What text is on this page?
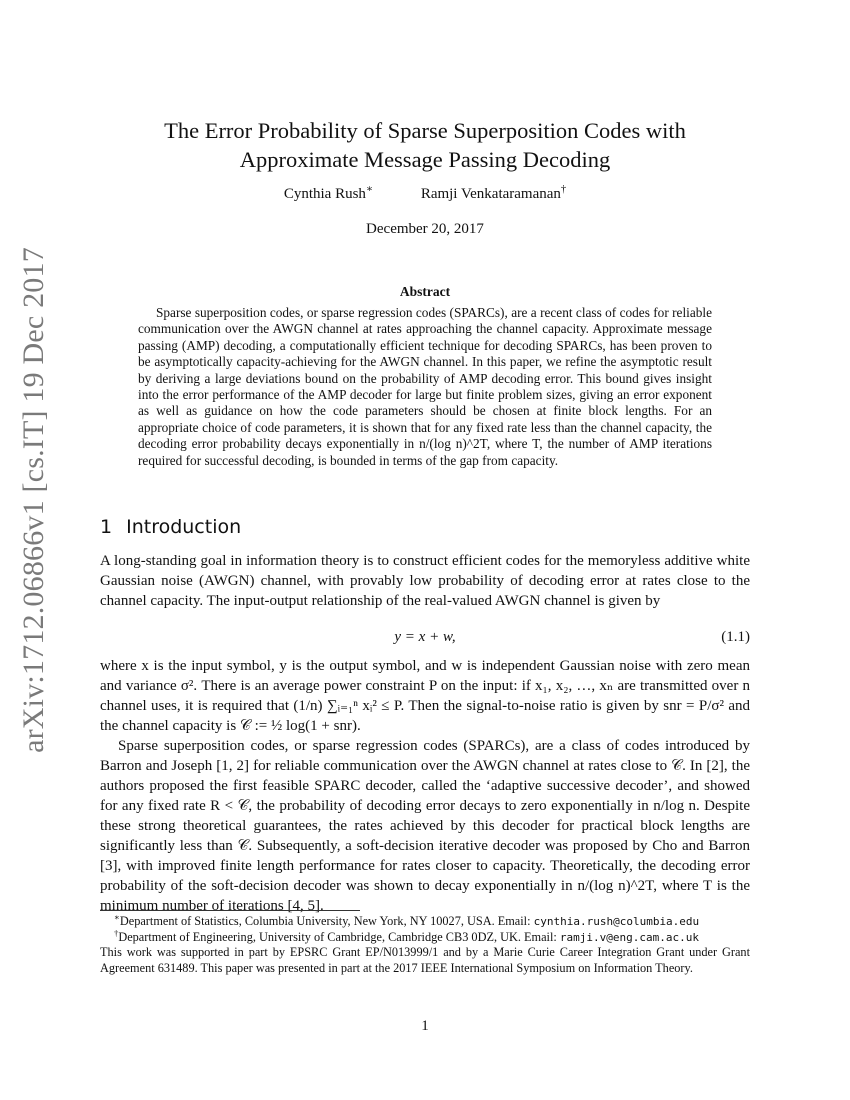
arXiv:1712.06866v1 [cs.IT] 19 Dec 2017
The Error Probability of Sparse Superposition Codes with
Approximate Message Passing Decoding
Cynthia Rush∗	Ramji Venkataramanan†
December 20, 2017
Abstract

Sparse superposition codes, or sparse regression codes (SPARCs), are a recent class of codes for reliable communication over the AWGN channel at rates approaching the channel capacity. Approximate message passing (AMP) decoding, a computationally efficient technique for decoding SPARCs, has been proven to be asymptotically capacity-achieving for the AWGN channel. In this paper, we refine the asymptotic result by deriving a large deviations bound on the probability of AMP decoding error. This bound gives insight into the error performance of the AMP decoder for large but finite problem sizes, giving an error exponent as well as guidance on how the code parameters should be chosen at finite block lengths. For an appropriate choice of code parameters, it is shown that for any fixed rate less than the channel capacity, the decoding error probability decays exponentially in n/(log n)^2T, where T, the number of AMP iterations required for successful decoding, is bounded in terms of the gap from capacity.

1 Introduction

A long-standing goal in information theory is to construct efficient codes for the memoryless additive white Gaussian noise (AWGN) channel, with provably low probability of decoding error at rates close to the channel capacity. The input-output relationship of the real-valued AWGN channel is given by

y = x + w,	(1.1)

where x is the input symbol, y is the output symbol, and w is independent Gaussian noise with zero mean and variance σ². There is an average power constraint P on the input: if x₁, x₂, …, xₙ are transmitted over n channel uses, it is required that (1/n) ∑ᵢ₌₁ⁿ xᵢ² ≤ P. Then the signal-to-noise ratio is given by snr = P/σ² and the channel capacity is 𝒞 := ½ log(1 + snr).

Sparse superposition codes, or sparse regression codes (SPARCs), are a class of codes introduced by Barron and Joseph [1, 2] for reliable communication over the AWGN channel at rates close to 𝒞. In [2], the authors proposed the first feasible SPARC decoder, called the ‘adaptive successive decoder’, and showed for any fixed rate R < 𝒞, the probability of decoding error decays to zero exponentially in n/log n. Despite these strong theoretical guarantees, the rates achieved by this decoder for practical block lengths are significantly less than 𝒞. Subsequently, a soft-decision iterative decoder was proposed by Cho and Barron [3], with improved finite length performance for rates closer to capacity. Theoretically, the decoding error probability of the soft-decision decoder was shown to decay exponentially in n/(log n)^2T, where T is the minimum number of iterations [4, 5].

∗Department of Statistics, Columbia University, New York, NY 10027, USA. Email: cynthia.rush@columbia.edu
†Department of Engineering, University of Cambridge, Cambridge CB3 0DZ, UK. Email: ramji.v@eng.cam.ac.uk
This work was supported in part by EPSRC Grant EP/N013999/1 and by a Marie Curie Career Integration Grant under Grant Agreement 631489. This paper was presented in part at the 2017 IEEE International Symposium on Information Theory.
1
